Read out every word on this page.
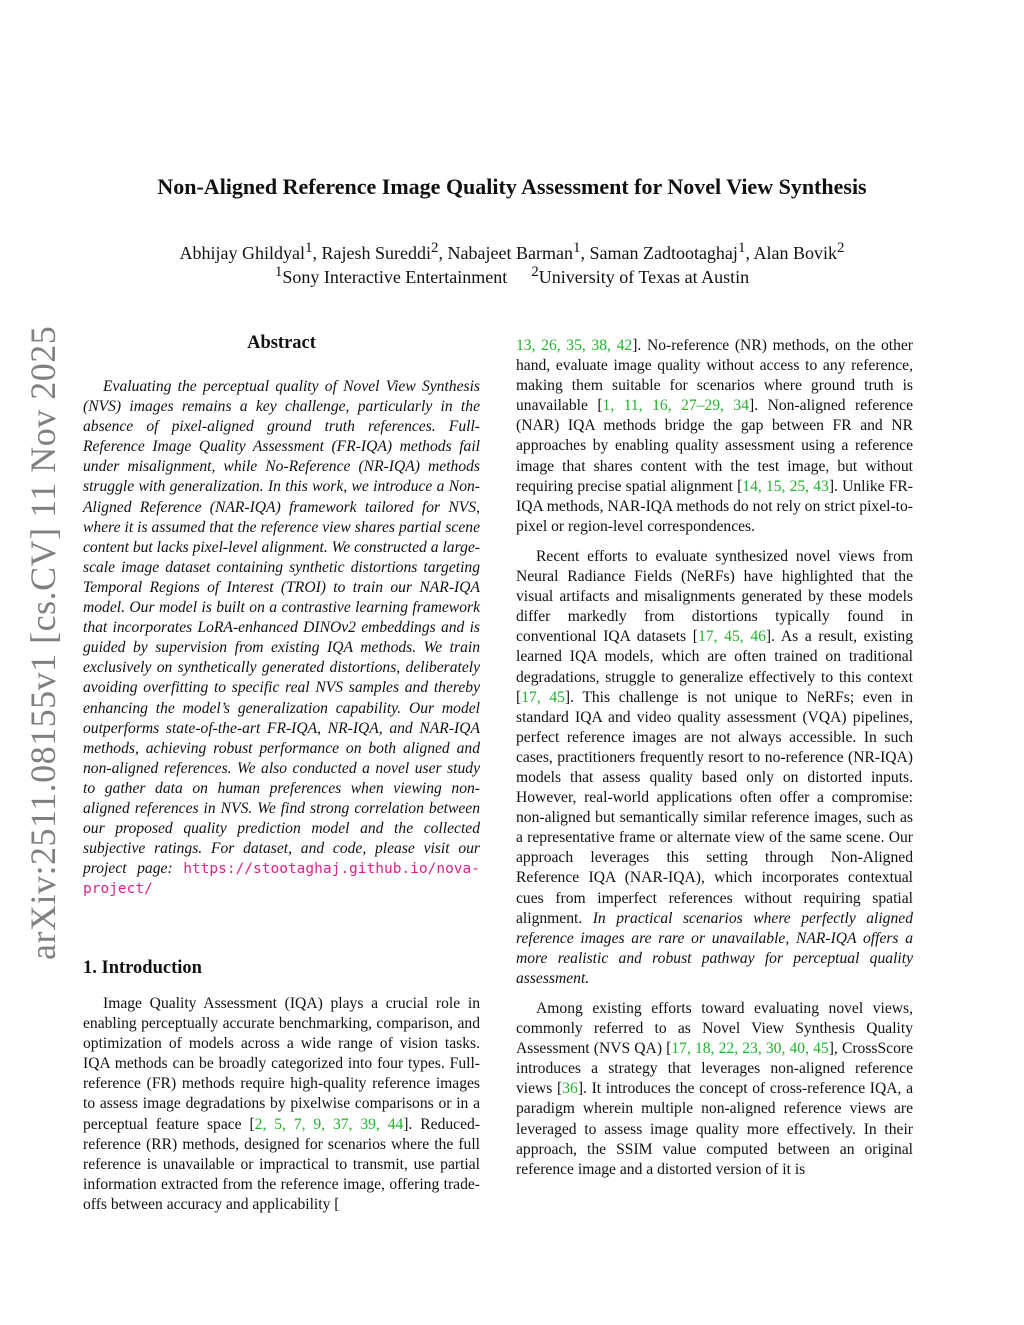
arXiv:2511.08155v1 [cs.CV] 11 Nov 2025
Non-Aligned Reference Image Quality Assessment for Novel View Synthesis
Abhijay Ghildyal$^1$, Rajesh Sureddi$^2$, Nabajeet Barman$^1$, Saman Zadtootaghaj$^1$, Alan Bovik$^2$
$^1$Sony Interactive Entertainment $^2$University of Texas at Austin
Abstract

Evaluating the perceptual quality of Novel View Synthesis (NVS) images remains a key challenge, particularly in the absence of pixel-aligned ground truth references. Full-Reference Image Quality Assessment (FR-IQA) methods fail under misalignment, while No-Reference (NR-IQA) methods struggle with generalization. In this work, we introduce a Non-Aligned Reference (NAR-IQA) framework tailored for NVS, where it is assumed that the reference view shares partial scene content but lacks pixel-level alignment. We constructed a large-scale image dataset containing synthetic distortions targeting Temporal Regions of Interest (TROI) to train our NAR-IQA model. Our model is built on a contrastive learning framework that incorporates LoRA-enhanced DINOv2 embeddings and is guided by supervision from existing IQA methods. We train exclusively on synthetically generated distortions, deliberately avoiding overfitting to specific real NVS samples and thereby enhancing the model’s generalization capability. Our model outperforms state-of-the-art FR-IQA, NR-IQA, and NAR-IQA methods, achieving robust performance on both aligned and non-aligned references. We also conducted a novel user study to gather data on human preferences when viewing non-aligned references in NVS. We find strong correlation between our proposed quality prediction model and the collected subjective ratings. For dataset, and code, please visit our project page: https://stootaghaj.github.io/nova-project/

1. Introduction

Image Quality Assessment (IQA) plays a crucial role in enabling perceptually accurate benchmarking, comparison, and optimization of models across a wide range of vision tasks. IQA methods can be broadly categorized into four types. Full-reference (FR) methods require high-quality reference images to assess image degradations by pixelwise comparisons or in a perceptual feature space [2, 5, 7, 9, 37, 39, 44]. Reduced-reference (RR) methods, designed for scenarios where the full reference is unavailable or impractical to transmit, use partial information extracted from the reference image, offering trade-offs between accuracy and applicability [

13, 26, 35, 38, 42]. No-reference (NR) methods, on the other hand, evaluate image quality without access to any reference, making them suitable for scenarios where ground truth is unavailable [1, 11, 16, 27–29, 34]. Non-aligned reference (NAR) IQA methods bridge the gap between FR and NR approaches by enabling quality assessment using a reference image that shares content with the test image, but without requiring precise spatial alignment [14, 15, 25, 43]. Unlike FR-IQA methods, NAR-IQA methods do not rely on strict pixel-to-pixel or region-level correspondences.

Recent efforts to evaluate synthesized novel views from Neural Radiance Fields (NeRFs) have highlighted that the visual artifacts and misalignments generated by these models differ markedly from distortions typically found in conventional IQA datasets [17, 45, 46]. As a result, existing learned IQA models, which are often trained on traditional degradations, struggle to generalize effectively to this context [17, 45]. This challenge is not unique to NeRFs; even in standard IQA and video quality assessment (VQA) pipelines, perfect reference images are not always accessible. In such cases, practitioners frequently resort to no-reference (NR-IQA) models that assess quality based only on distorted inputs. However, real-world applications often offer a compromise: non-aligned but semantically similar reference images, such as a representative frame or alternate view of the same scene. Our approach leverages this setting through Non-Aligned Reference IQA (NAR-IQA), which incorporates contextual cues from imperfect references without requiring spatial alignment. In practical scenarios where perfectly aligned reference images are rare or unavailable, NAR-IQA offers a more realistic and robust pathway for perceptual quality assessment.

Among existing efforts toward evaluating novel views, commonly referred to as Novel View Synthesis Quality Assessment (NVS QA) [17, 18, 22, 23, 30, 40, 45], CrossScore introduces a strategy that leverages non-aligned reference views [36]. It introduces the concept of cross-reference IQA, a paradigm wherein multiple non-aligned reference views are leveraged to assess image quality more effectively. In their approach, the SSIM value computed between an original reference image and a distorted version of it is
